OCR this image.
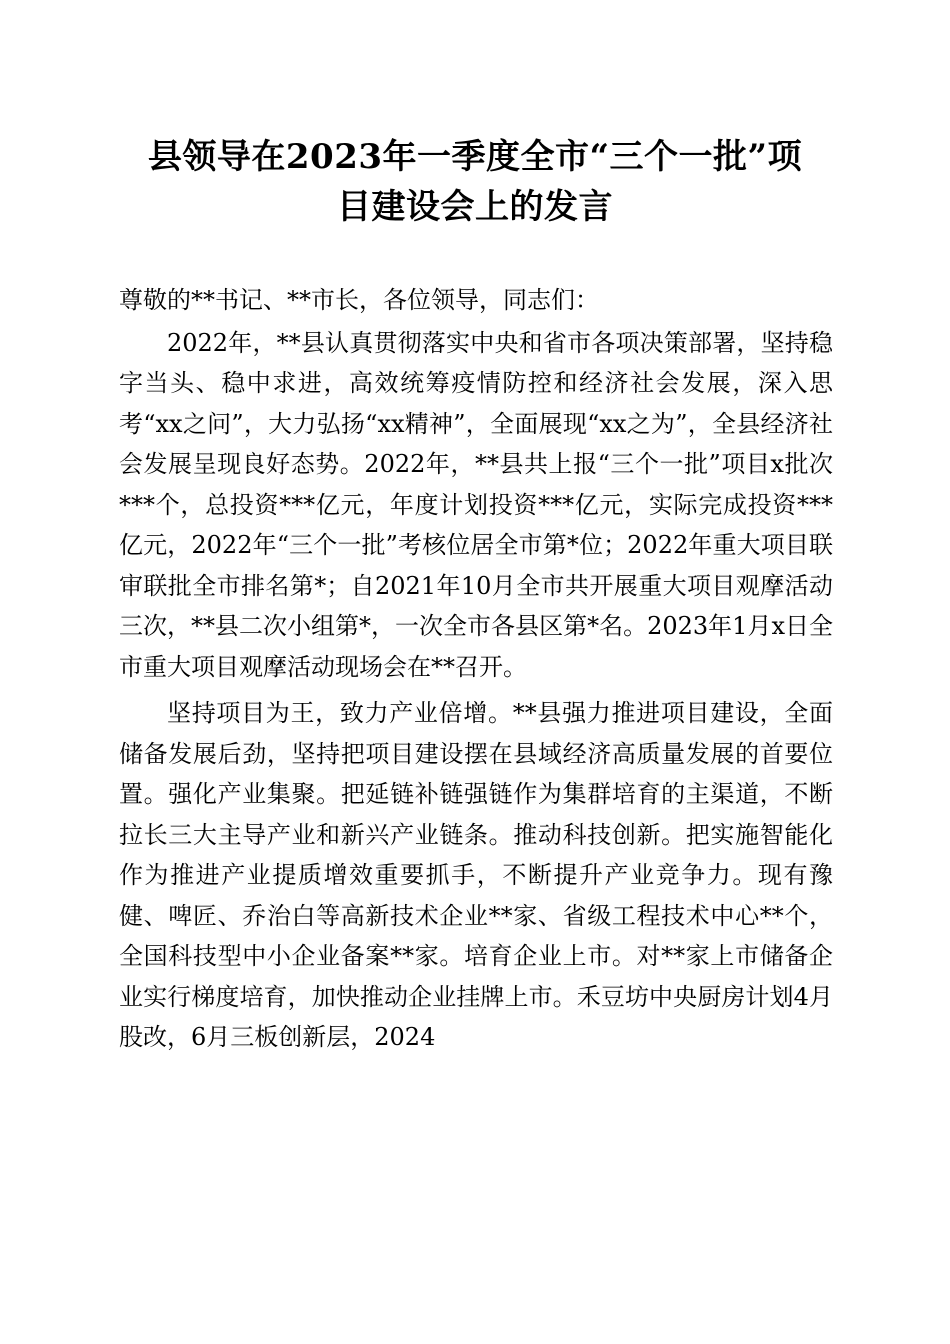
县领导在2023年一季度全市“三个一批”项
目建设会上的发言

尊敬的**书记、**市长，各位领导，同志们：

2022年，**县认真贯彻落实中央和省市各项决策部署，坚持稳字当头、稳中求进，高效统筹疫情防控和经济社会发展，深入思考“xx之问”，大力弘扬“xx精神”，全面展现“xx之为”，全县经济社会发展呈现良好态势。2022年，**县共上报“三个一批”项目x批次***个，总投资***亿元，年度计划投资***亿元，实际完成投资***亿元，2022年“三个一批”考核位居全市第*位；2022年重大项目联审联批全市排名第*；自2021年10月全市共开展重大项目观摩活动三次，**县二次小组第*，一次全市各县区第*名。2023年1月x日全市重大项目观摩活动现场会在**召开。

坚持项目为王，致力产业倍增。**县强力推进项目建设，全面储备发展后劲，坚持把项目建设摆在县域经济高质量发展的首要位置。强化产业集聚。把延链补链强链作为集群培育的主渠道，不断拉长三大主导产业和新兴产业链条。推动科技创新。把实施智能化作为推进产业提质增效重要抓手，不断提升产业竞争力。现有豫健、啤匠、乔治白等高新技术企业**家、省级工程技术中心**个，全国科技型中小企业备案**家。培育企业上市。对**家上市储备企业实行梯度培育，加快推动企业挂牌上市。禾豆坊中央厨房计划4月股改，6月三板创新层，2024
